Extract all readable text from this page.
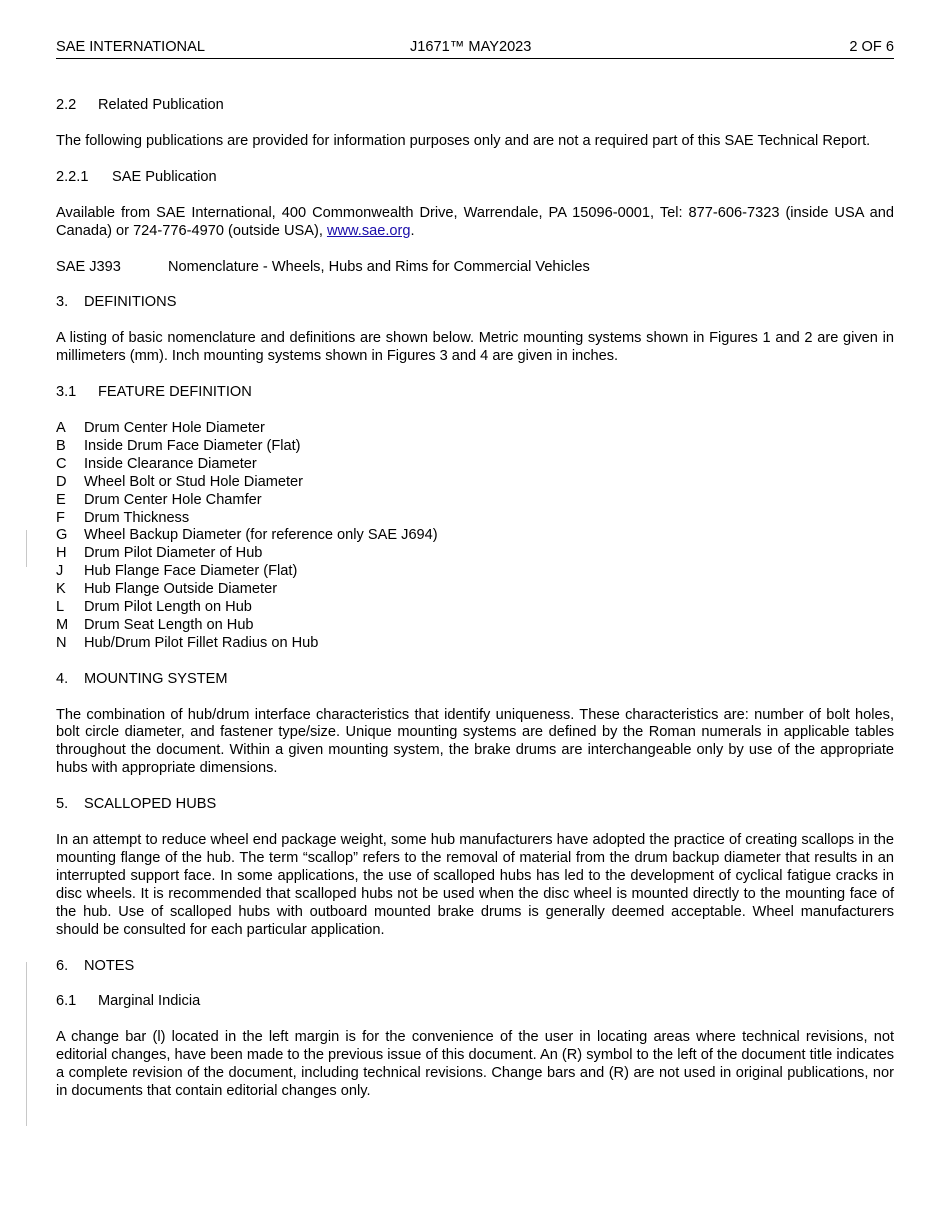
SAE INTERNATIONAL	J1671™ MAY2023	2 OF 6
2.2 Related Publication
The following publications are provided for information purposes only and are not a required part of this SAE Technical Report.
2.2.1 SAE Publication
Available from SAE International, 400 Commonwealth Drive, Warrendale, PA 15096-0001, Tel: 877-606-7323 (inside USA and Canada) or 724-776-4970 (outside USA), www.sae.org.
SAE J393	Nomenclature - Wheels, Hubs and Rims for Commercial Vehicles
3. DEFINITIONS
A listing of basic nomenclature and definitions are shown below. Metric mounting systems shown in Figures 1 and 2 are given in millimeters (mm). Inch mounting systems shown in Figures 3 and 4 are given in inches.
3.1 FEATURE DEFINITION
A Drum Center Hole Diameter
B Inside Drum Face Diameter (Flat)
C Inside Clearance Diameter
D Wheel Bolt or Stud Hole Diameter
E Drum Center Hole Chamfer
F Drum Thickness
G Wheel Backup Diameter (for reference only SAE J694)
H Drum Pilot Diameter of Hub
J Hub Flange Face Diameter (Flat)
K Hub Flange Outside Diameter
L Drum Pilot Length on Hub
M Drum Seat Length on Hub
N Hub/Drum Pilot Fillet Radius on Hub
4. MOUNTING SYSTEM
The combination of hub/drum interface characteristics that identify uniqueness. These characteristics are: number of bolt holes, bolt circle diameter, and fastener type/size. Unique mounting systems are defined by the Roman numerals in applicable tables throughout the document. Within a given mounting system, the brake drums are interchangeable only by use of the appropriate hubs with appropriate dimensions.
5. SCALLOPED HUBS
In an attempt to reduce wheel end package weight, some hub manufacturers have adopted the practice of creating scallops in the mounting flange of the hub. The term “scallop” refers to the removal of material from the drum backup diameter that results in an interrupted support face. In some applications, the use of scalloped hubs has led to the development of cyclical fatigue cracks in disc wheels. It is recommended that scalloped hubs not be used when the disc wheel is mounted directly to the mounting face of the hub. Use of scalloped hubs with outboard mounted brake drums is generally deemed acceptable. Wheel manufacturers should be consulted for each particular application.
6. NOTES
6.1 Marginal Indicia
A change bar (l) located in the left margin is for the convenience of the user in locating areas where technical revisions, not editorial changes, have been made to the previous issue of this document. An (R) symbol to the left of the document title indicates a complete revision of the document, including technical revisions. Change bars and (R) are not used in original publications, nor in documents that contain editorial changes only.
